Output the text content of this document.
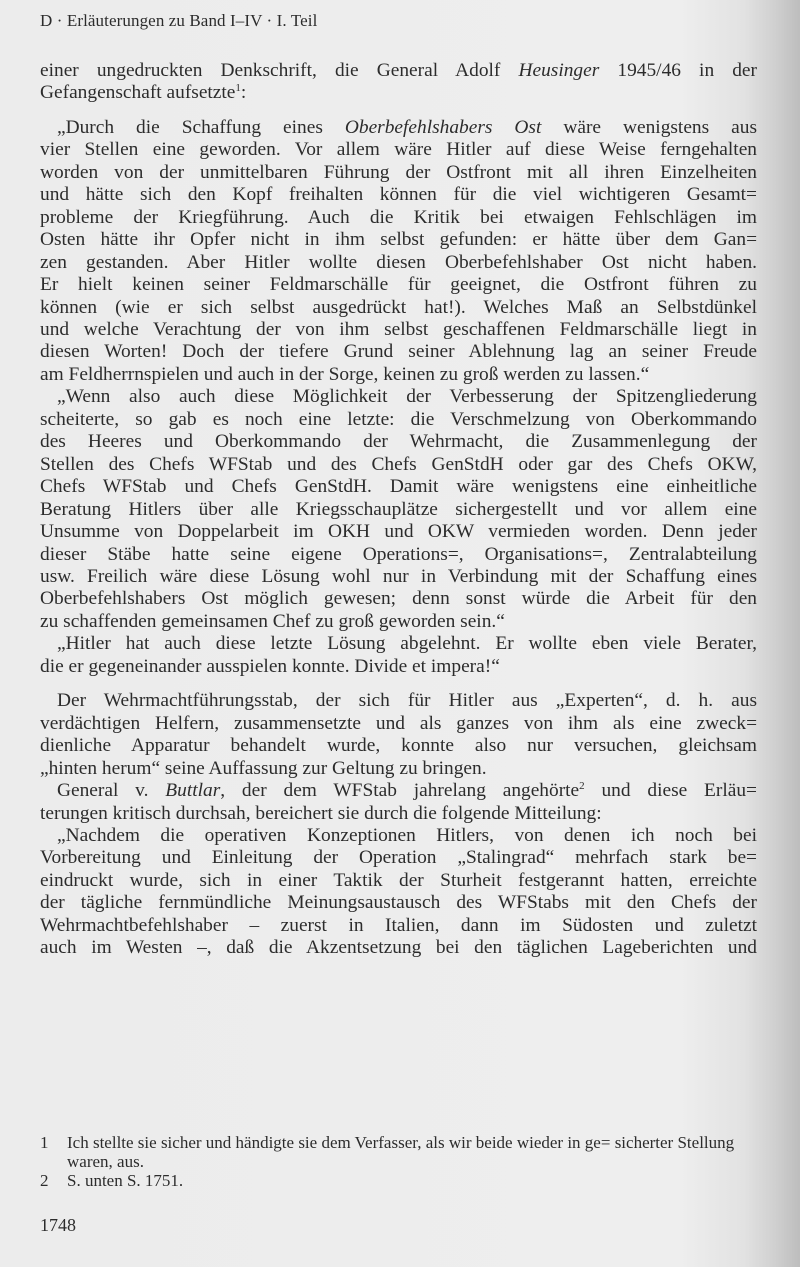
D · Erläuterungen zu Band I–IV · I. Teil
einer ungedruckten Denkschrift, die General Adolf Heusinger 1945/46 in der
Gefangenschaft aufsetzte$^1$:
„Durch die Schaffung eines Oberbefehlshabers Ost wäre wenigstens aus
vier Stellen eine geworden. Vor allem wäre Hitler auf diese Weise ferngehalten
worden von der unmittelbaren Führung der Ostfront mit all ihren Einzelheiten
und hätte sich den Kopf freihalten können für die viel wichtigeren Gesamt=
probleme der Kriegführung. Auch die Kritik bei etwaigen Fehlschlägen im
Osten hätte ihr Opfer nicht in ihm selbst gefunden: er hätte über dem Gan=
zen gestanden. Aber Hitler wollte diesen Oberbefehlshaber Ost nicht haben.
Er hielt keinen seiner Feldmarschälle für geeignet, die Ostfront führen zu
können (wie er sich selbst ausgedrückt hat!). Welches Maß an Selbstdünkel
und welche Verachtung der von ihm selbst geschaffenen Feldmarschälle liegt in
diesen Worten! Doch der tiefere Grund seiner Ablehnung lag an seiner Freude
am Feldherrnspielen und auch in der Sorge, keinen zu groß werden zu lassen.“
„Wenn also auch diese Möglichkeit der Verbesserung der Spitzengliederung
scheiterte, so gab es noch eine letzte: die Verschmelzung von Oberkommando
des Heeres und Oberkommando der Wehrmacht, die Zusammenlegung der
Stellen des Chefs WFStab und des Chefs GenStdH oder gar des Chefs OKW,
Chefs WFStab und Chefs GenStdH. Damit wäre wenigstens eine einheitliche
Beratung Hitlers über alle Kriegsschauplätze sichergestellt und vor allem eine
Unsumme von Doppelarbeit im OKH und OKW vermieden worden. Denn jeder
dieser Stäbe hatte seine eigene Operations=, Organisations=, Zentralabteilung
usw. Freilich wäre diese Lösung wohl nur in Verbindung mit der Schaffung eines
Oberbefehlshabers Ost möglich gewesen; denn sonst würde die Arbeit für den
zu schaffenden gemeinsamen Chef zu groß geworden sein.“
„Hitler hat auch diese letzte Lösung abgelehnt. Er wollte eben viele Berater,
die er gegeneinander ausspielen konnte. Divide et impera!“
Der Wehrmachtführungsstab, der sich für Hitler aus „Experten“, d. h. aus
verdächtigen Helfern, zusammensetzte und als ganzes von ihm als eine zweck=
dienliche Apparatur behandelt wurde, konnte also nur versuchen, gleichsam
„hinten herum“ seine Auffassung zur Geltung zu bringen.
General v. Buttlar, der dem WFStab jahrelang angehörte$^2$ und diese Erläu=
terungen kritisch durchsah, bereichert sie durch die folgende Mitteilung:
„Nachdem die operativen Konzeptionen Hitlers, von denen ich noch bei
Vorbereitung und Einleitung der Operation „Stalingrad“ mehrfach stark be=
eindruckt wurde, sich in einer Taktik der Sturheit festgerannt hatten, erreichte
der tägliche fernmündliche Meinungsaustausch des WFStabs mit den Chefs der
Wehrmachtbefehlshaber – zuerst in Italien, dann im Südosten und zuletzt
auch im Westen –, daß die Akzentsetzung bei den täglichen Lageberichten und
1	Ich stellte sie sicher und händigte sie dem Verfasser, als wir beide wieder in ge= sicherter Stellung waren, aus.
2	S. unten S. 1751.
1748
